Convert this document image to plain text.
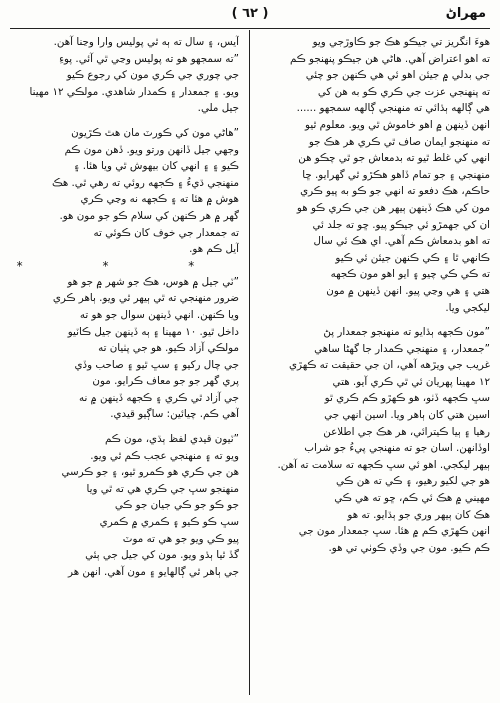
( ٦٢ )	مهراڻ
هوءَ انگريز تي جيڪو هڪ جو ڪاوڙجي ويو
ته اهو اعتراض آهي. هاڻي هن جيڪو پنهنجو ڪم
جي بدلي ۾ جيئن اهو ئي هي ڪنهن جو چئي
ته پنهنجي عزت جي ڪري ڪو به هن کي
هي ڳالهه ٻڌائي ته منهنجي ڳالهه سمجهو ......
انهن ڏينهن ۾ اهو خاموش ٿي ويو. معلوم ٿيو
ته منهنجو ايمان صاف ٿي ڪري هر هڪ جو
انهي کي غلط ٿيو ته بدمعاش جو ٿي چڪو هن
منهنجي ۽ جو تمام ڏاهو هڪڙو ٿي گهرايو. ڇا
حاڪم، هڪ دفعو ته انهي جو ڪو به پيو ڪري
مون کي هڪ ڏينهن ٻيهر هن جي ڪري ڪو هو
ان کي جهمڙو ئي جيڪو پيو. ڇو ته جلد ئي
ته اهو بدمعاش ڪم آهي. اي هڪ ئي سال
ڪانهي ٿا ۽ ڪي ڪنهن جيئن ئي ڪيو
ته ڪي ڪي چيو ۽ ايو اهو مون ڪجهه
هتي ۽ هي وڃي پيو. انهن ڏينهن ۾ مون
ليکجي ويا.
”مون ڪجهه ٻڌايو ته منهنجو جمعدار پڻ
”جمعدار، ۽ منهنجي ڪمدار جا گهڻا ساهي
غريب جي ويڙهه آهي، ان جي حقيقت ته ڪهڙي
١٢ مهينا پهريان ئي ٿي ڪري آيو. هتي
سڀ ڪجهه ڏٺو، هو ڪهڙو ڪم ڪري ٿو
اسين هتي کان ٻاهر ويا. اسين انهي جي
رهيا ۽ ٻيا ڪيترائي، هر هڪ جي اطلاعن
اوڏانهن. اسان جو ته منهنجي پيءُ جو شراب
ٻيهر ليکجي. اهو ئي سڀ ڪجهه ته سلامت ته آهن.
هو جي لکيو رهيو، ۽ ڪي ته هن ڪي
مهيني ۾ هڪ ئي ڪم، ڇو ته هي ڪي
هڪ کان ٻيهر وري جو ٻڌايو. ته هو
انهن ڪهڙي ڪم ۾ هئا. سڀ جمعدار مون جي
ڪم ڪيو. مون جي وڏي ڪوٺي تي هو.
آيس، ۽ سال ته ٻه ٿي پوليس وارا وڃنا آهن.
”ته سمجهو هو ته پوليس وڃي ٿي آئي. پوءِ
جي چوري جي ڪري مون کي رجوع ڪيو
ويو. ۽ جمعدار ۽ ڪمدار شاهدي. مولڪي ١٢ مهينا
جيل ملي.
”هاڻي مون کي ڪورٽ مان هٿ ڪڙيون
وجهي جيل ڏانهن ورتو ويو. ڏهن مون ڪم
ڪيو ۽ ۽ انهي کان بيهوش ٿي ويا هئا. ۽
منهنجي ڌيءُ ۽ ڪجهه روئي ته رهي ٿي. هڪ
هوش ۾ هئا ته ۽ ڪجهه نه وڃي ڪري
گهر ۾ هر ڪنهن کي سلام ڪو جو مون هو.
ته جمعدار جي خوف کان ڪوئي ته
آيل ڪم هو.
* * *
”ٽي جيل ۾ هوس، هڪ جو شهر ۾ جو هو
ضرور منهنجي ته ٿي ٻيهر ٿي ويو. ٻاهر ڪري
ويا ڪنهن. انهي ڏينهن سوال جو هو ته
داخل ٿيو. ١٠ مهينا ۽ ٻه ڏينهن جيل ڪاٽيو
مولڪي آزاد ڪيو. هو جي پٺيان ته
جي چال رکيو ۽ سڀ ٿيو ۽ صاحب وڏي
پري گهر جو جو معاف ڪرايو. مون
جي آزاد ٿي ڪري ۽ ڪجهه ڏينهن ۾ نه
آهي ڪم. چيائين: ساڳيو قيدي.
”ٽيون قيدي لفظ ٻڌي، مون ڪم
ويو ته ۽ منهنجي عجب ڪم ٿي ويو.
هن جي ڪري هو ڪمرو ٿيو، ۽ جو ڪرسي
منهنجو سڀ جي ڪري هي ته ٿي ويا
جو ڪو جو ڪي جيان جو ڪي
سڀ ڪو ڪيو ۽ ڪمري ۾ ڪمري
پيو ڪي ويو جو هي ته موٽ
گڏ ٿيا ٻڌو ويو. مون کي جيل جي ٻئي
جي ٻاهر ٿي ڳالهايو ۽ مون آهي. انهن هر
